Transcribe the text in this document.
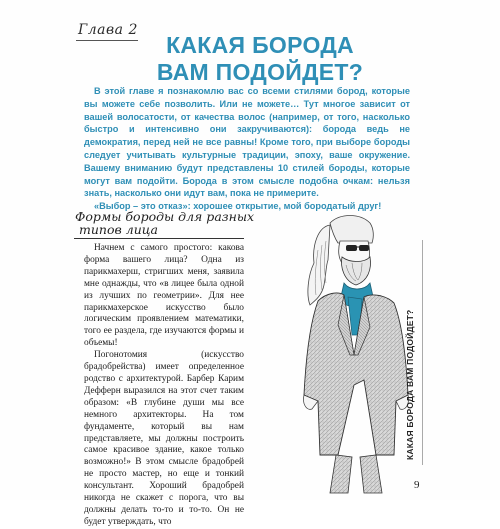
Глава 2
КАКАЯ БОРОДА
ВАМ ПОДОЙДЕТ?

В этой главе я познакомлю вас со всеми стилями бород, которые вы можете себе позволить. Или не можете… Тут многое зависит от вашей волосатости, от качества волос (например, от того, насколько быстро и интенсивно они закручиваются): борода ведь не демократия, перед ней не все равны! Кроме того, при выборе бороды следует учитывать культурные традиции, эпоху, ваше окружение. Вашему вниманию будут представлены 10 стилей бороды, которые могут вам подойти. Борода в этом смысле подобна очкам: нельзя знать, насколько они идут вам, пока не примерите.

«Выбор – это отказ»: хорошее открытие, мой бородатый друг!

Формы бороды для разных
типов лица

Начнем с самого простого: какова форма вашего лица? Одна из парикмахерш, стригших меня, заявила мне однажды, что «в лицее была одной из лучших по геометрии». Для нее парикмахерское искусство было логическим проявлением математики, того ее раздела, где изучаются формы и объемы!

Погонотомия (искусство брадобрейства) имеет определенное родство с архитектурой. Барбер Карим Дефферн выразился на этот счет таким образом: «В глубине души мы все немного архитекторы. На том фундаменте, который вы нам представляете, мы должны построить самое красивое здание, какое только возможно!» В этом смысле брадобрей не просто мастер, но еще и тонкий консультант. Хороший брадобрей никогда не скажет с порога, что вы должны делать то-то и то-то. Он не будет утверждать, что

КАКАЯ БОРОДА ВАМ ПОДОЙДЕТ?
9
